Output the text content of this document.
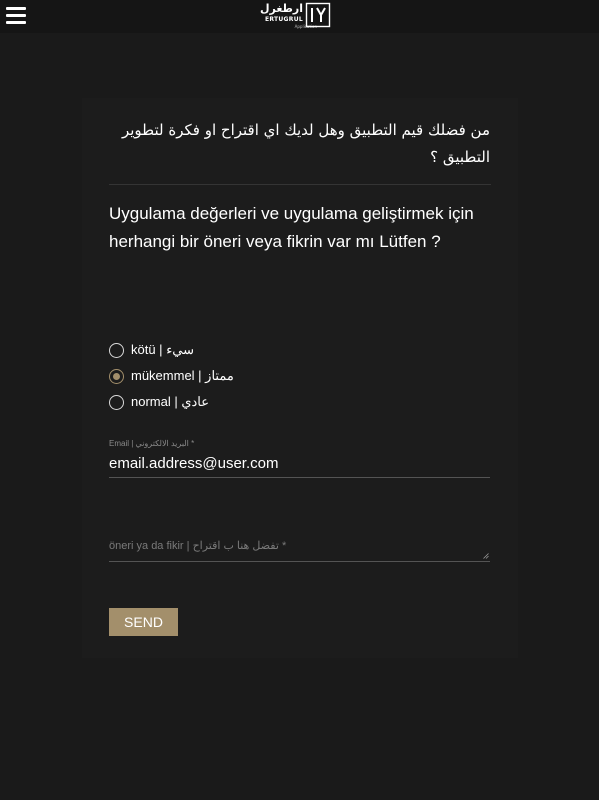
ارطغرل
ERTUGRUL
Application
من فضلك قيم التطبيق وهل لديك اي اقتراح او فكرة لتطوير التطبيق ؟
Uygulama değerleri ve uygulama geliştirmek için herhangi bir öneri veya fikrin var mı Lütfen ?
kötü | سيء
mükemmel | ممتاز
normal | عادي
Email | البريد الالكتروني *
email.address@user.com
öneri ya da fikir | تفضل هنا ب اقتراح *
SEND
